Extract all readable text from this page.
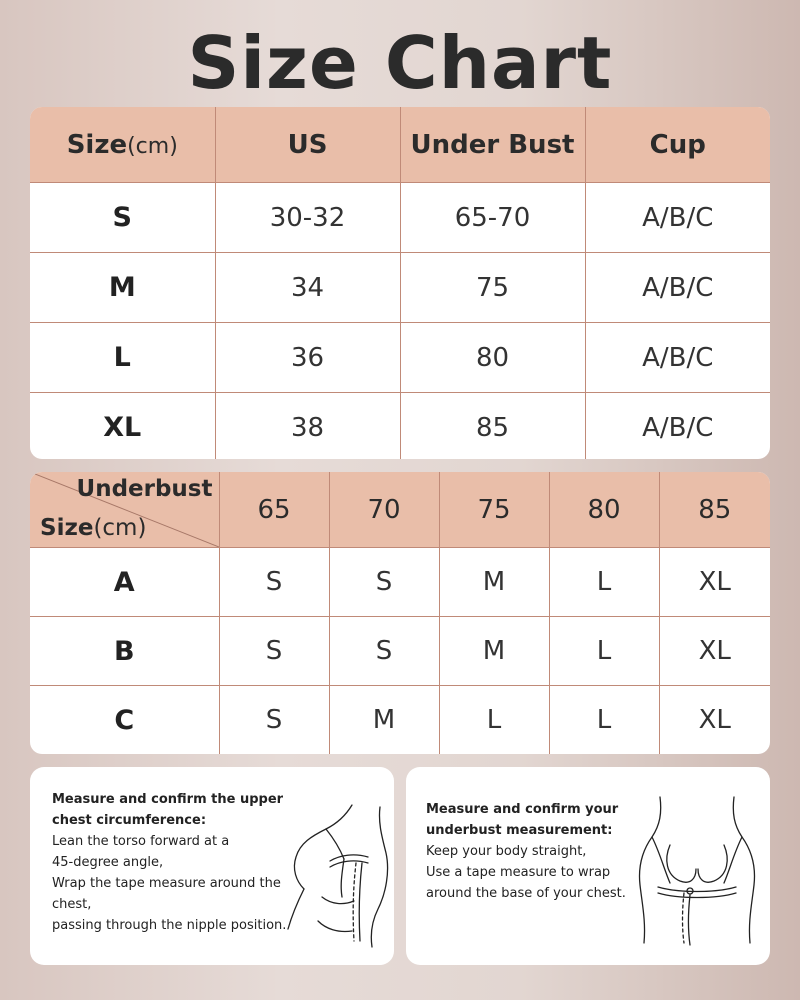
Size Chart
Size(cm)	US	Under Bust	Cup
S	30-32	65-70	A/B/C
M	34	75	A/B/C
L	36	80	A/B/C
XL	38	85	A/B/C
Underbust
Size(cm)	65	70	75	80	85
A	S	S	M	L	XL
B	S	S	M	L	XL
C	S	M	L	L	XL
Measure and confirm the upper chest circumference:
Lean the torso forward at a
45-degree angle,
Wrap the tape measure around the
chest,
passing through the nipple position.
Measure and confirm your underbust measurement:
Keep your body straight,
Use a tape measure to wrap
around the base of your chest.
